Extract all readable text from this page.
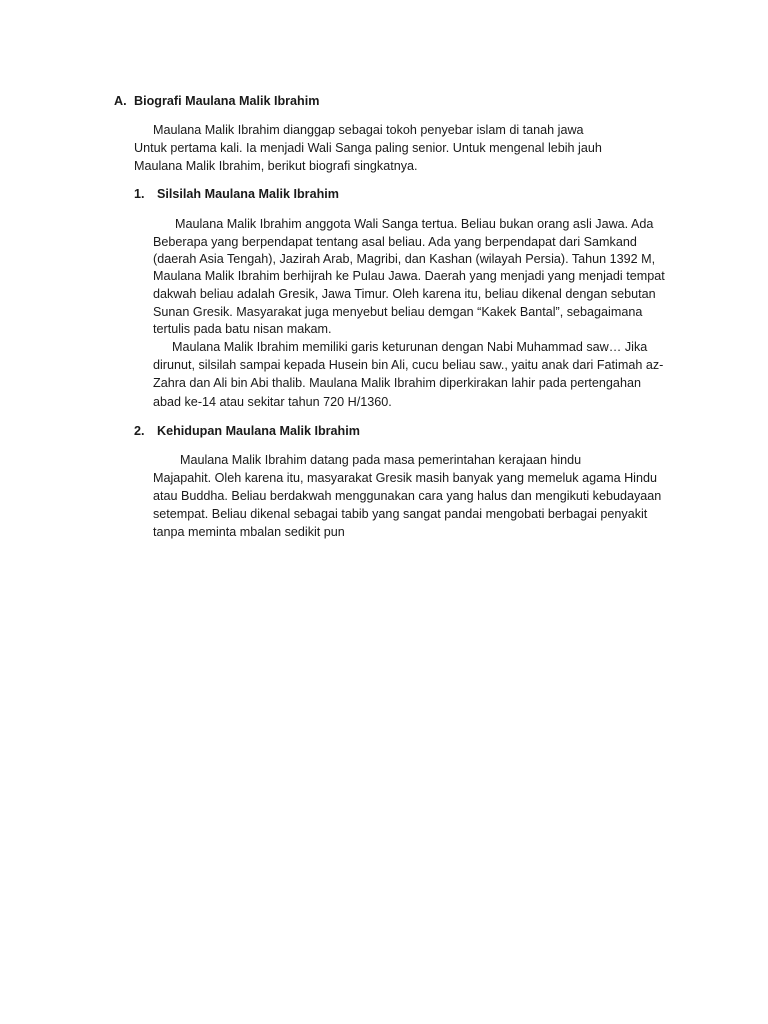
A. Biografi Maulana Malik Ibrahim
Maulana Malik Ibrahim dianggap sebagai tokoh penyebar islam di tanah jawa
Untuk pertama kali. Ia menjadi Wali Sanga paling senior. Untuk mengenal lebih jauh
Maulana Malik Ibrahim, berikut biografi singkatnya.
1. Silsilah Maulana Malik Ibrahim
Maulana Malik Ibrahim anggota Wali Sanga tertua. Beliau bukan orang asli Jawa. Ada
Beberapa yang berpendapat tentang asal beliau. Ada yang berpendapat dari Samkand
(daerah Asia Tengah), Jazirah Arab, Magribi, dan Kashan (wilayah Persia). Tahun 1392 M,
Maulana Malik Ibrahim berhijrah ke Pulau Jawa. Daerah yang menjadi yang menjadi tempat
dakwah beliau adalah Gresik, Jawa Timur. Oleh karena itu, beliau dikenal dengan sebutan
Sunan Gresik. Masyarakat juga menyebut beliau demgan “Kakek Bantal”, sebagaimana
tertulis pada batu nisan makam.
Maulana Malik Ibrahim memiliki garis keturunan dengan Nabi Muhammad saw… Jika
dirunut, silsilah sampai kepada Husein bin Ali, cucu beliau saw., yaitu anak dari Fatimah az-
Zahra dan Ali bin Abi thalib. Maulana Malik Ibrahim diperkirakan lahir pada pertengahan
abad ke-14 atau sekitar tahun 720 H/1360.
2. Kehidupan Maulana Malik Ibrahim
Maulana Malik Ibrahim datang pada masa pemerintahan kerajaan hindu
Majapahit. Oleh karena itu, masyarakat Gresik masih banyak yang memeluk agama Hindu
atau Buddha. Beliau berdakwah menggunakan cara yang halus dan mengikuti kebudayaan
setempat. Beliau dikenal sebagai tabib yang sangat pandai mengobati berbagai penyakit
tanpa meminta mbalan sedikit pun
